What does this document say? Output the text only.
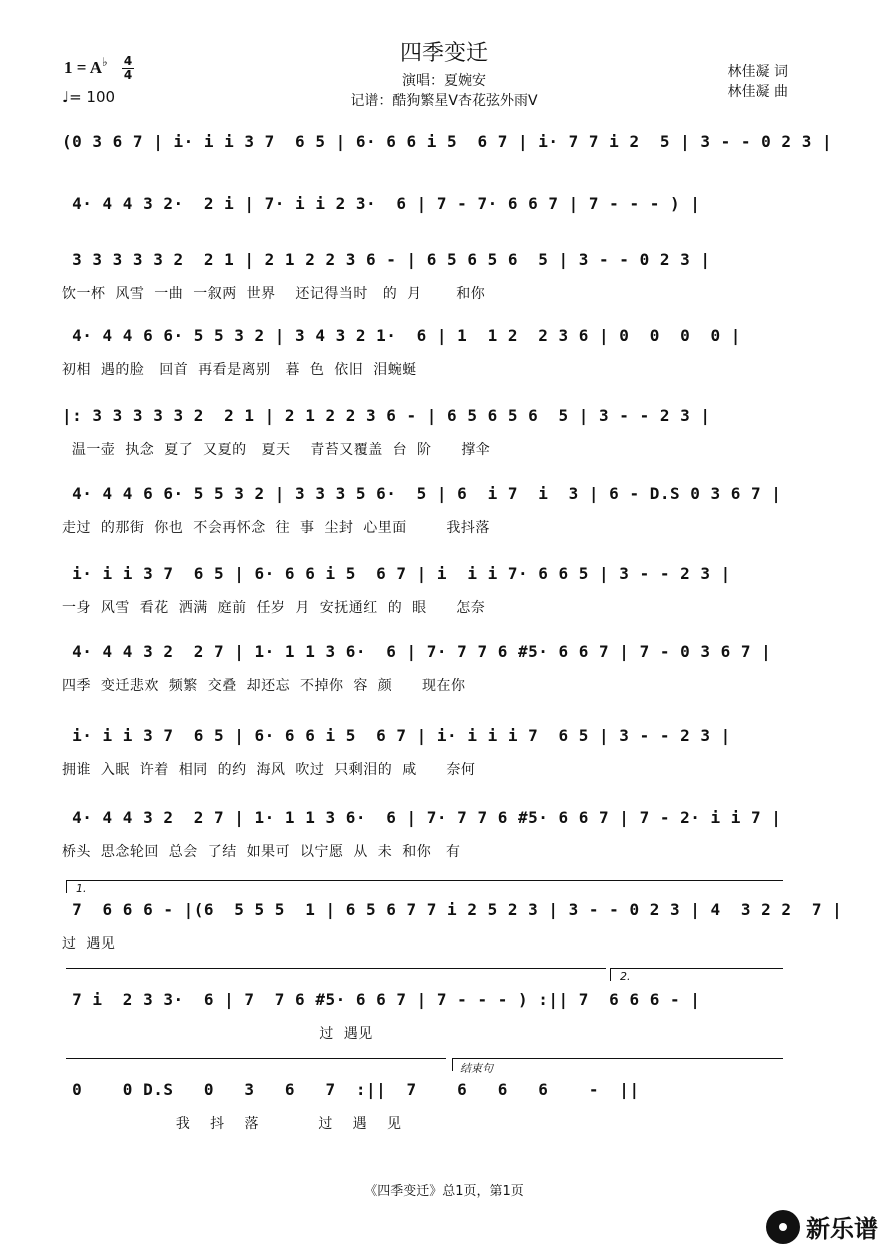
四季变迁
演唱：夏婉安
记谱：酷狗繁星V杏花弦外雨V
1 = A♭ 4
4
♩= 100
林佳凝 词
林佳凝 曲
(0 3 6 7 | i· i i 3 7  6 5 | 6· 6 6 i 5  6 7 | i· 7 7 i 2  5 | 3 - - 0 2 3 |
4· 4 4 3 2·  2 i | 7· i i 2 3·  6 | 7 - 7· 6 6 7 | 7 - - - ) |
3 3 3 3 3 2  2 1 | 2 1 2 2 3 6 - | 6 5 6 5 6  5 | 3 - - 0 2 3 |
饮一杯  风雪  一曲  一叙两  世界    还记得当时   的  月       和你
4· 4 4 6 6· 5 5 3 2 | 3 4 3 2 1·  6 | 1  1 2  2 3 6 | 0  0  0  0 |
初相  遇的脸   回首  再看是离别   暮  色  依旧  泪蜿蜒
|: 3 3 3 3 3 2  2 1 | 2 1 2 2 3 6 - | 6 5 6 5 6  5 | 3 - - 2 3 |
温一壶  执念  夏了  又夏的   夏天    青苔又覆盖  台  阶      撑伞
4· 4 4 6 6· 5 5 3 2 | 3 3 3 5 6·  5 | 6  i 7  i  3 | 6 - D.S 0 3 6 7 |
走过  的那街  你也  不会再怀念  往  事  尘封  心里面        我抖落
i· i i 3 7  6 5 | 6· 6 6 i 5  6 7 | i  i i 7· 6 6 5 | 3 - - 2 3 |
一身  风雪  看花  洒满  庭前  任岁  月  安抚通红  的  眼      怎奈
4· 4 4 3 2  2 7 | 1· 1 1 3 6·  6 | 7· 7 7 6 #5· 6 6 7 | 7 - 0 3 6 7 |
四季  变迁悲欢  频繁  交叠  却还忘  不掉你  容  颜      现在你
i· i i 3 7  6 5 | 6· 6 6 i 5  6 7 | i· i i i 7  6 5 | 3 - - 2 3 |
拥谁  入眠  许着  相同  的约  海风  吹过  只剩泪的  咸      奈何
4· 4 4 3 2  2 7 | 1· 1 1 3 6·  6 | 7· 7 7 6 #5· 6 6 7 | 7 - 2· i i 7 |
桥头  思念轮回  总会  了结  如果可  以宁愿  从  未  和你   有
1.
7  6 6 6 - |(6  5 5 5  1 | 6 5 6 7 7 i 2 5 2 3 | 3 - - 0 2 3 | 4  3 2 2  7 |
过  遇见
2.
7 i  2 3 3·  6 | 7  7 6 #5· 6 6 7 | 7 - - - ) :|| 7  6 6 6 - |
过  遇见
结束句
0    0 D.S   0   3   6   7  :||  7    6   6   6    -  ||
我    抖    落            过    遇    见
《四季变迁》总1页，第1页
新乐谱
